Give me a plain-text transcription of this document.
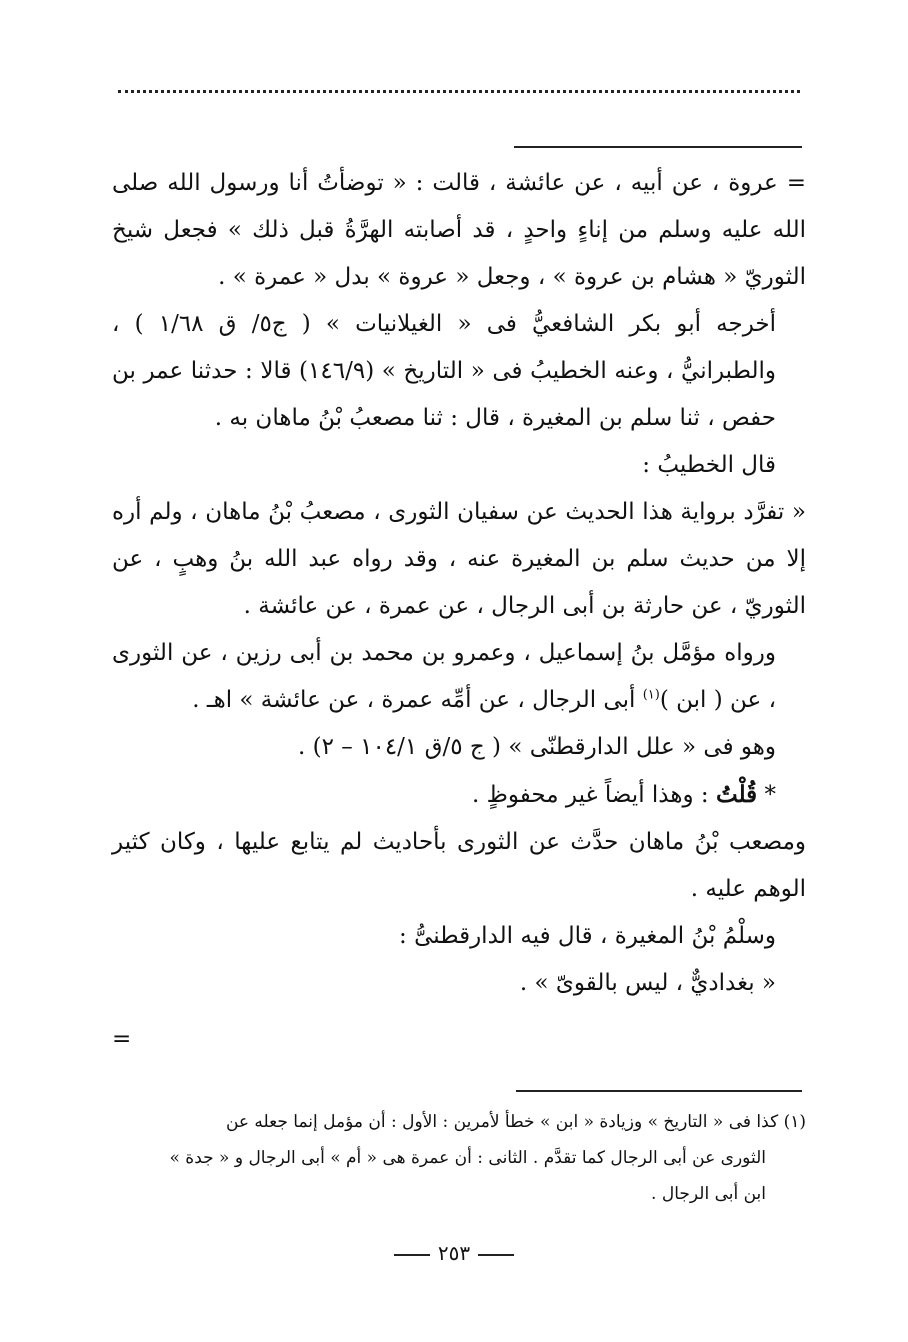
= عروة ، عن أبيه ، عن عائشة ، قالت : « توضأتُ أنا ورسول الله صلى الله عليه وسلم من إناءٍ واحدٍ ، قد أصابته الهرَّةُ قبل ذلك » فجعل شيخ الثوريّ « هشام بن عروة » ، وجعل « عروة » بدل « عمرة » .

أخرجه أبو بكر الشافعيُّ فى « الغيلانيات » ( ج٥/ ق ١/٦٨ ) ، والطبرانيُّ ، وعنه الخطيبُ فى « التاريخ » (١٤٦/٩) قالا : حدثنا عمر بن حفص ، ثنا سلم بن المغيرة ، قال : ثنا مصعبُ بْنُ ماهان به .

قال الخطيبُ :

« تفرَّد برواية هذا الحديث عن سفيان الثورى ، مصعبُ بْنُ ماهان ، ولم أره إلا من حديث سلم بن المغيرة عنه ، وقد رواه عبد الله بنُ وهبٍ ، عن الثوريّ ، عن حارثة بن أبى الرجال ، عن عمرة ، عن عائشة .

ورواه مؤمَّل بنُ إسماعيل ، وعمرو بن محمد بن أبى رزين ، عن الثورى ، عن ( ابن )$^{(١)}$ أبى الرجال ، عن أمِّه عمرة ، عن عائشة » اهـ .

وهو فى « علل الدارقطنّى » ( ج ٥/ق ١٠٤/١ – ٢) .

* قُلْتُ : وهذا أيضاً غير محفوظٍ .

ومصعب بْنُ ماهان حدَّث عن الثورى بأحاديث لم يتابع عليها ، وكان كثير الوهم عليه .

وسلْمُ بْنُ المغيرة ، قال فيه الدارقطنىُّ :

« بغداديٌّ ، ليس بالقوىّ » .

=

(١) كذا فى « التاريخ » وزيادة « ابن » خطأ لأمرين : الأول : أن مؤمل إنما جعله عن

الثورى عن أبى الرجال كما تقدَّم . الثانى : أن عمرة هى « أم » أبى الرجال و « جدة »

ابن أبى الرجال .

٢٥٣
